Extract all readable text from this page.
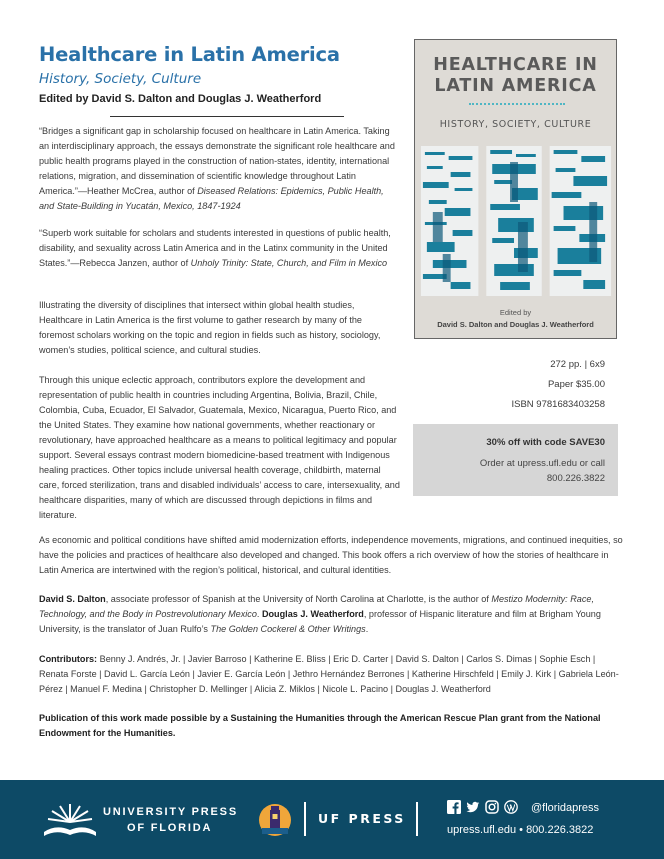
Healthcare in Latin America
History, Society, Culture
Edited by David S. Dalton and Douglas J. Weatherford
“Bridges a significant gap in scholarship focused on healthcare in Latin America. Taking an interdisciplinary approach, the essays demonstrate the significant role healthcare and public health programs played in the construction of nation-states, identity, international relations, migration, and dissemination of scientific knowledge throughout Latin America.”—Heather McCrea, author of Diseased Relations: Epidemics, Public Health, and State-Building in Yucatán, Mexico, 1847-1924
“Superb work suitable for scholars and students interested in questions of public health, disability, and sexuality across Latin America and in the Latinx community in the United States.”—Rebecca Janzen, author of Unholy Trinity: State, Church, and Film in Mexico
Illustrating the diversity of disciplines that intersect within global health studies, Healthcare in Latin America is the first volume to gather research by many of the foremost scholars working on the topic and region in fields such as history, sociology, women’s studies, political science, and cultural studies.
Through this unique eclectic approach, contributors explore the development and representation of public health in countries including Argentina, Bolivia, Brazil, Chile, Colombia, Cuba, Ecuador, El Salvador, Guatemala, Mexico, Nicaragua, Puerto Rico, and the United States. They examine how national governments, whether reactionary or revolutionary, have approached healthcare as a means to political legitimacy and popular support. Several essays contrast modern biomedicine-based treatment with Indigenous healing practices. Other topics include universal health coverage, childbirth, maternal care, forced sterilization, trans and disabled individuals’ access to care, intersexuality, and healthcare disparities, many of which are discussed through depictions in films and literature.
As economic and political conditions have shifted amid modernization efforts, independence movements, migrations, and continued inequities, so have the policies and practices of healthcare also developed and changed. This book offers a rich overview of how the stories of healthcare in Latin America are intertwined with the region’s political, historical, and cultural identities.
David S. Dalton, associate professor of Spanish at the University of North Carolina at Charlotte, is the author of Mestizo Modernity: Race, Technology, and the Body in Postrevolutionary Mexico. Douglas J. Weatherford, professor of Hispanic literature and film at Brigham Young University, is the translator of Juan Rulfo’s The Golden Cockerel & Other Writings.
Contributors: Benny J. Andrés, Jr. | Javier Barroso | Katherine E. Bliss | Eric D. Carter | David S. Dalton | Carlos S. Dimas | Sophie Esch | Renata Forste | David L. García León | Javier E. García León | Jethro Hernández Berrones | Katherine Hirschfeld | Emily J. Kirk | Gabriela León-Pérez | Manuel F. Medina | Christopher D. Mellinger | Alicia Z. Miklos | Nicole L. Pacino | Douglas J. Weatherford
Publication of this work made possible by a Sustaining the Humanities through the American Rescue Plan grant from the National Endowment for the Humanities.
HEALTHCARE IN
LATIN AMERICA
HISTORY, SOCIETY, CULTURE
Edited by
David S. Dalton and Douglas J. Weatherford
272 pp. | 6x9
Paper $35.00
ISBN 9781683403258
30% off with code SAVE30
Order at upress.ufl.edu or call
800.226.3822
UNIVERSITY PRESS
OF FLORIDA
UF PRESS
@floridapress
upress.ufl.edu • 800.226.3822
